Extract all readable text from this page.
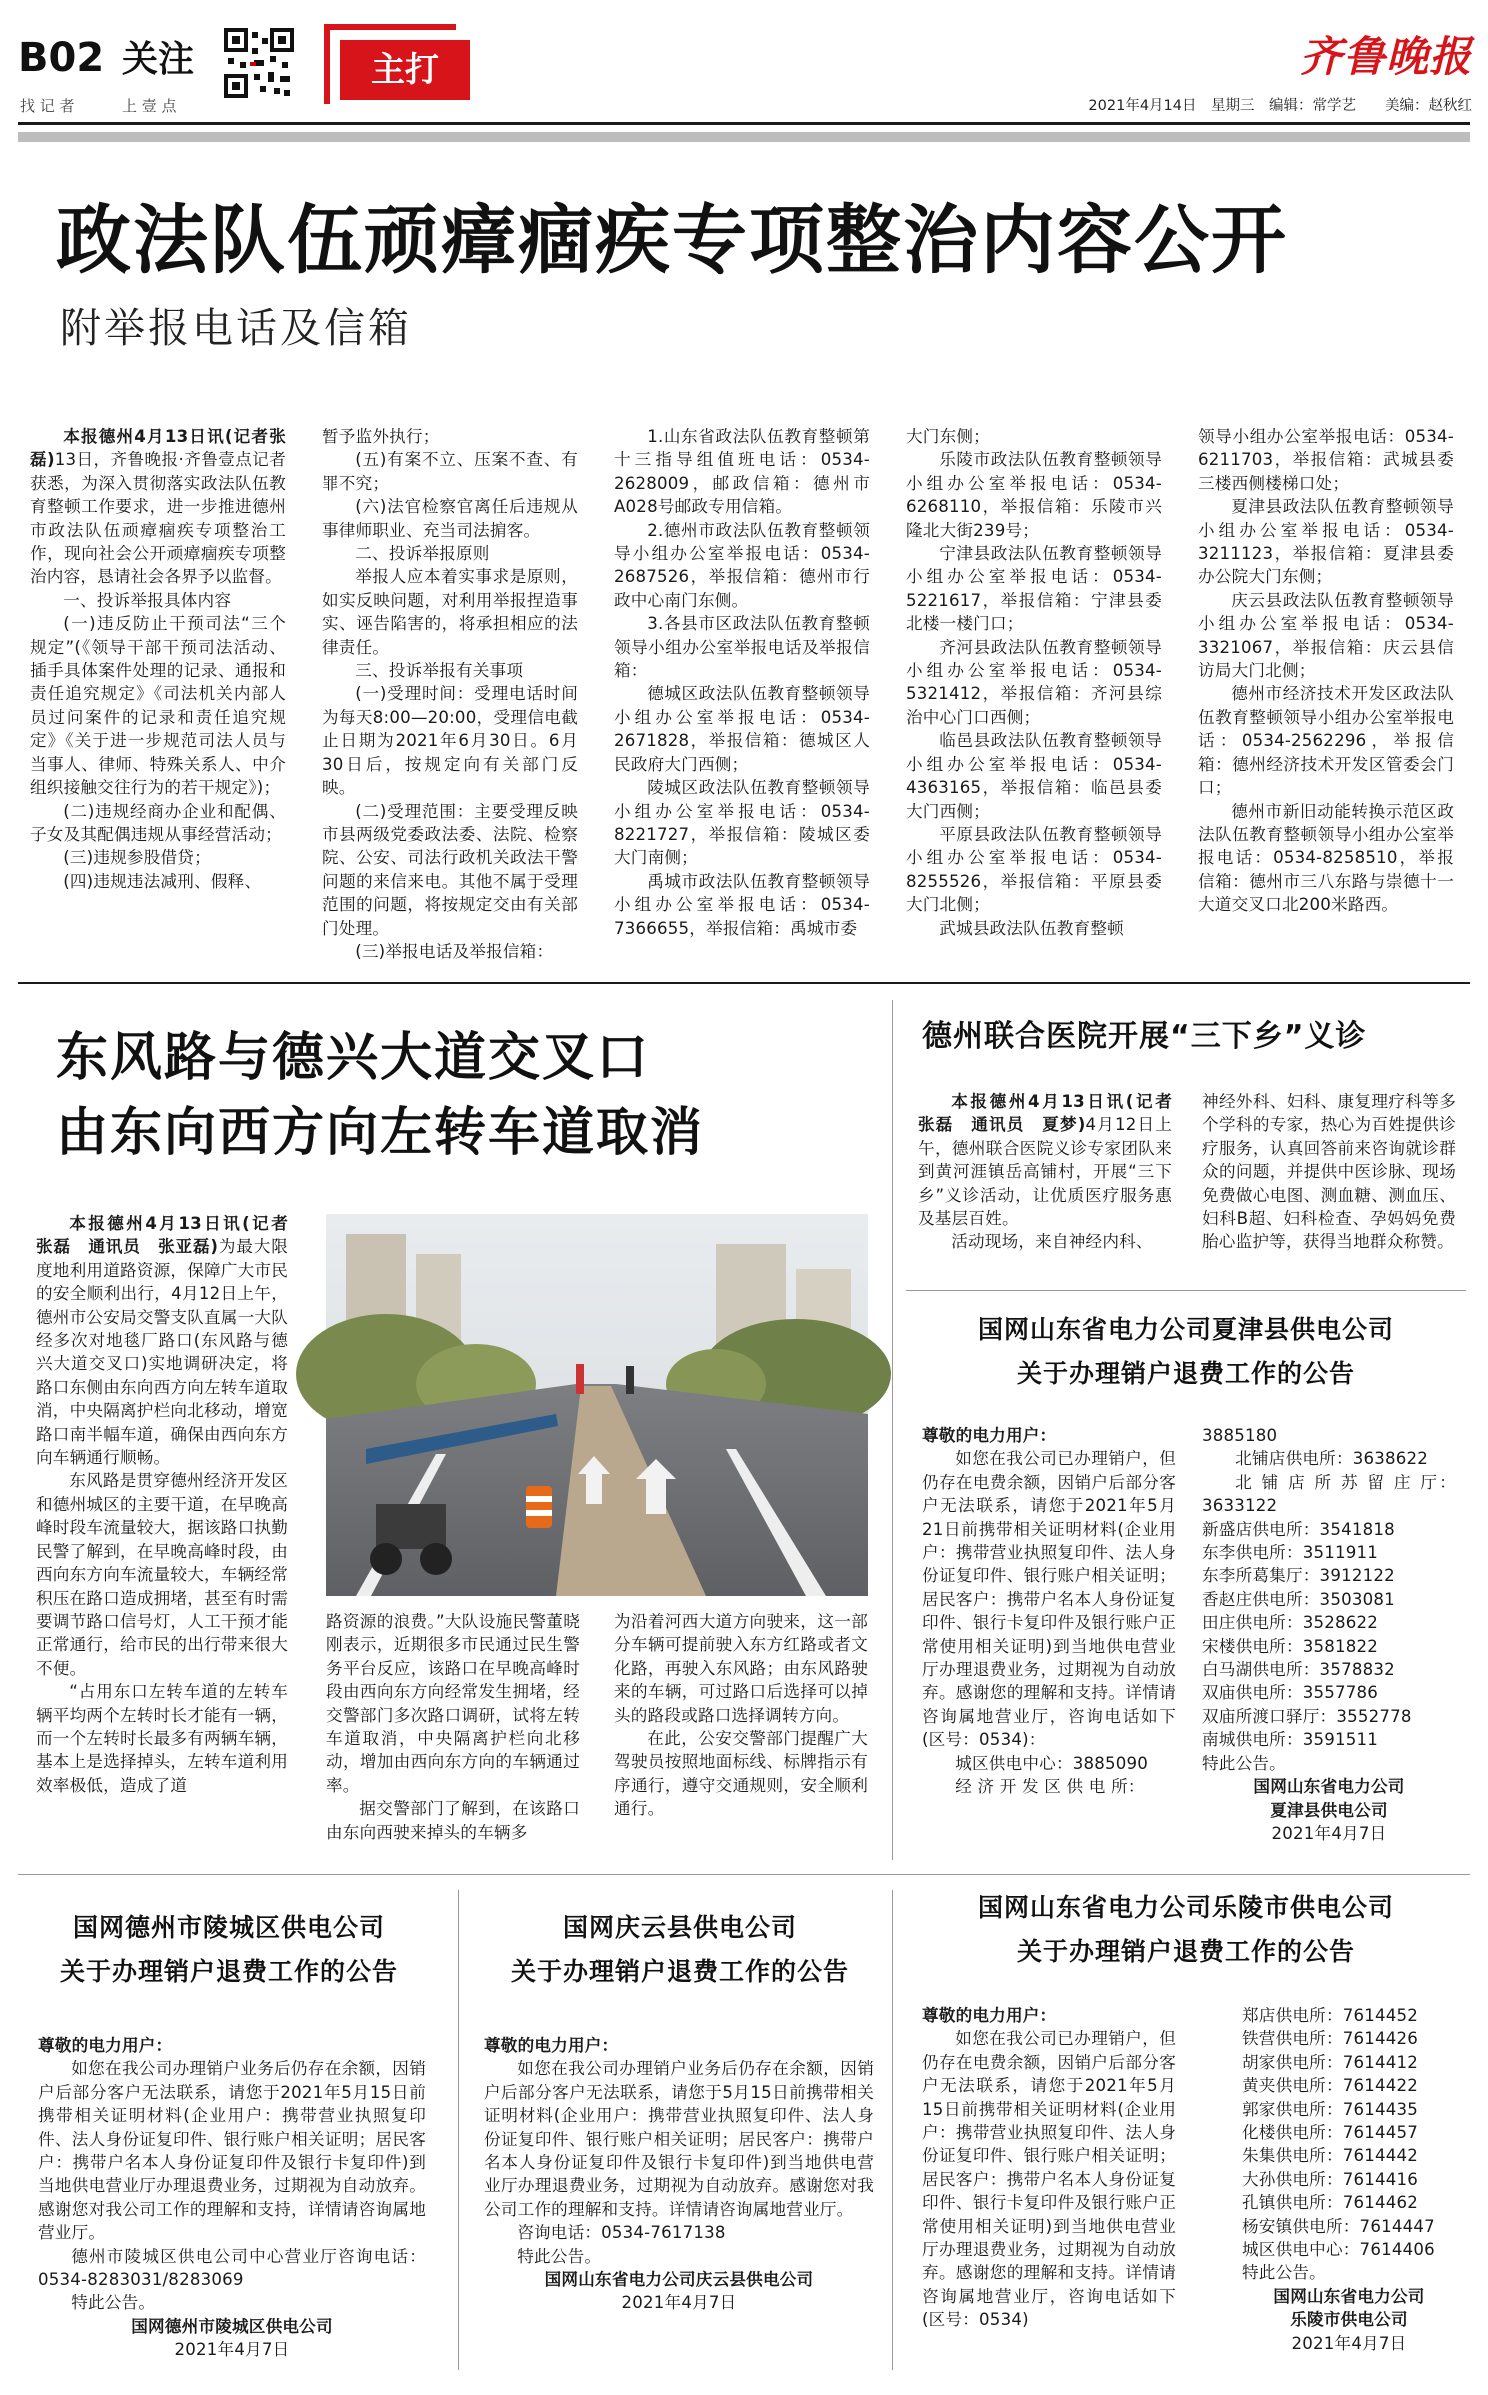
B02 关注
找 记 者	上 壹 点
主打	齐鲁晚报
2021年4月14日　星期三　编辑：常学艺　　美编：赵秋红
政法队伍顽瘴痼疾专项整治内容公开
附举报电话及信箱

本报德州4月13日讯(记者张磊)13日，齐鲁晚报·齐鲁壹点记者获悉，为深入贯彻落实政法队伍教育整顿工作要求，进一步推进德州市政法队伍顽瘴痼疾专项整治工作，现向社会公开顽瘴痼疾专项整治内容，恳请社会各界予以监督。

一、投诉举报具体内容

(一)违反防止干预司法“三个规定”(《领导干部干预司法活动、插手具体案件处理的记录、通报和责任追究规定》《司法机关内部人员过问案件的记录和责任追究规定》《关于进一步规范司法人员与当事人、律师、特殊关系人、中介组织接触交往行为的若干规定》)；

(二)违规经商办企业和配偶、子女及其配偶违规从事经营活动；

(三)违规参股借贷；

(四)违规违法减刑、假释、

暂予监外执行；

(五)有案不立、压案不查、有罪不究；

(六)法官检察官离任后违规从事律师职业、充当司法掮客。

二、投诉举报原则

举报人应本着实事求是原则，如实反映问题，对利用举报捏造事实、诬告陷害的，将承担相应的法律责任。

三、投诉举报有关事项

(一)受理时间：受理电话时间为每天8:00—20:00，受理信电截止日期为2021年6月30日。6月30日后，按规定向有关部门反映。

(二)受理范围：主要受理反映市县两级党委政法委、法院、检察院、公安、司法行政机关政法干警问题的来信来电。其他不属于受理范围的问题，将按规定交由有关部门处理。

(三)举报电话及举报信箱：

1.山东省政法队伍教育整顿第十三指导组值班电话：0534-2628009，邮政信箱：德州市A028号邮政专用信箱。

2.德州市政法队伍教育整顿领导小组办公室举报电话：0534-2687526，举报信箱：德州市行政中心南门东侧。

3.各县市区政法队伍教育整顿领导小组办公室举报电话及举报信箱：

德城区政法队伍教育整顿领导小组办公室举报电话：0534-2671828，举报信箱：德城区人民政府大门西侧；

陵城区政法队伍教育整顿领导小组办公室举报电话：0534-8221727，举报信箱：陵城区委大门南侧；

禹城市政法队伍教育整顿领导小组办公室举报电话：0534-7366655，举报信箱：禹城市委

大门东侧；

乐陵市政法队伍教育整顿领导小组办公室举报电话：0534-6268110，举报信箱：乐陵市兴隆北大街239号；

宁津县政法队伍教育整顿领导小组办公室举报电话：0534-5221617，举报信箱：宁津县委北楼一楼门口；

齐河县政法队伍教育整顿领导小组办公室举报电话：0534-5321412，举报信箱：齐河县综治中心门口西侧；

临邑县政法队伍教育整顿领导小组办公室举报电话：0534-4363165，举报信箱：临邑县委大门西侧；

平原县政法队伍教育整顿领导小组办公室举报电话：0534-8255526，举报信箱：平原县委大门北侧；

武城县政法队伍教育整顿

领导小组办公室举报电话：0534-6211703，举报信箱：武城县委三楼西侧楼梯口处；

夏津县政法队伍教育整顿领导小组办公室举报电话：0534-3211123，举报信箱：夏津县委办公院大门东侧；

庆云县政法队伍教育整顿领导小组办公室举报电话：0534-3321067，举报信箱：庆云县信访局大门北侧；

德州市经济技术开发区政法队伍教育整顿领导小组办公室举报电话：0534-2562296，举报信箱：德州经济技术开发区管委会门口；

德州市新旧动能转换示范区政法队伍教育整顿领导小组办公室举报电话：0534-8258510，举报信箱：德州市三八东路与崇德十一大道交叉口北200米路西。

东风路与德兴大道交叉口
由东向西方向左转车道取消

本报德州4月13日讯(记者　张磊　通讯员　张亚磊)为最大限度地利用道路资源，保障广大市民的安全顺利出行，4月12日上午，德州市公安局交警支队直属一大队经多次对地毯厂路口(东风路与德兴大道交叉口)实地调研决定，将路口东侧由东向西方向左转车道取消，中央隔离护栏向北移动，增宽路口南半幅车道，确保由西向东方向车辆通行顺畅。

东风路是贯穿德州经济开发区和德州城区的主要干道，在早晚高峰时段车流量较大，据该路口执勤民警了解到，在早晚高峰时段，由西向东方向车流量较大，车辆经常积压在路口造成拥堵，甚至有时需要调节路口信号灯，人工干预才能正常通行，给市民的出行带来很大不便。

“占用东口左转车道的左转车辆平均两个左转时长才能有一辆，而一个左转时长最多有两辆车辆，基本上是选择掉头，左转车道利用效率极低，造成了道

路资源的浪费。”大队设施民警董晓刚表示，近期很多市民通过民生警务平台反应，该路口在早晚高峰时段由西向东方向经常发生拥堵，经交警部门多次路口调研，试将左转车道取消，中央隔离护栏向北移动，增加由西向东方向的车辆通过率。

据交警部门了解到，在该路口由东向西驶来掉头的车辆多

为沿着河西大道方向驶来，这一部分车辆可提前驶入东方红路或者文化路，再驶入东风路；由东风路驶来的车辆，可过路口后选择可以掉头的路段或路口选择调转方向。

在此，公安交警部门提醒广大驾驶员按照地面标线、标牌指示有序通行，遵守交通规则，安全顺利通行。

德州联合医院开展“三下乡”义诊

本报德州4月13日讯(记者　张磊　通讯员　夏梦)4月12日上午，德州联合医院义诊专家团队来到黄河涯镇岳高铺村，开展“三下乡”义诊活动，让优质医疗服务惠及基层百姓。

活动现场，来自神经内科、

神经外科、妇科、康复理疗科等多个学科的专家，热心为百姓提供诊疗服务，认真回答前来咨询就诊群众的问题，并提供中医诊脉、现场免费做心电图、测血糖、测血压、妇科B超、妇科检查、孕妈妈免费胎心监护等，获得当地群众称赞。

国网山东省电力公司夏津县供电公司
关于办理销户退费工作的公告

尊敬的电力用户：

如您在我公司已办理销户，但仍存在电费余额，因销户后部分客户无法联系，请您于2021年5月21日前携带相关证明材料(企业用户：携带营业执照复印件、法人身份证复印件、银行账户相关证明；居民客户：携带户名本人身份证复印件、银行卡复印件及银行账户正常使用相关证明)到当地供电营业厅办理退费业务，过期视为自动放弃。感谢您的理解和支持。详情请咨询属地营业厅，咨询电话如下(区号：0534)：

城区供电中心：3885090

经 济 开 发 区 供 电 所：

3885180

北铺店供电所：3638622

北 铺 店 所 苏 留 庄 厅：3633122

新盛店供电所：3541818

东李供电所：3511911

东李所葛集厅：3912122

香赵庄供电所：3503081

田庄供电所：3528622

宋楼供电所：3581822

白马湖供电所：3578832

双庙供电所：3557786

双庙所渡口驿厅：3552778

南城供电所：3591511

特此公告。

国网山东省电力公司

夏津县供电公司

2021年4月7日

国网德州市陵城区供电公司
关于办理销户退费工作的公告

尊敬的电力用户：

如您在我公司办理销户业务后仍存在余额，因销户后部分客户无法联系，请您于2021年5月15日前携带相关证明材料(企业用户：携带营业执照复印件、法人身份证复印件、银行账户相关证明；居民客户：携带户名本人身份证复印件及银行卡复印件)到当地供电营业厅办理退费业务，过期视为自动放弃。感谢您对我公司工作的理解和支持，详情请咨询属地营业厅。

德州市陵城区供电公司中心营业厅咨询电话：0534-8283031/8283069

特此公告。

国网德州市陵城区供电公司

2021年4月7日

国网庆云县供电公司
关于办理销户退费工作的公告

尊敬的电力用户：

如您在我公司办理销户业务后仍存在余额，因销户后部分客户无法联系，请您于5月15日前携带相关证明材料(企业用户：携带营业执照复印件、法人身份证复印件、银行账户相关证明；居民客户：携带户名本人身份证复印件及银行卡复印件)到当地供电营业厅办理退费业务，过期视为自动放弃。感谢您对我公司工作的理解和支持。详情请咨询属地营业厅。

咨询电话：0534-7617138

特此公告。

国网山东省电力公司庆云县供电公司

2021年4月7日

国网山东省电力公司乐陵市供电公司
关于办理销户退费工作的公告

尊敬的电力用户：

如您在我公司已办理销户，但仍存在电费余额，因销户后部分客户无法联系，请您于2021年5月15日前携带相关证明材料(企业用户：携带营业执照复印件、法人身份证复印件、银行账户相关证明；居民客户：携带户名本人身份证复印件、银行卡复印件及银行账户正常使用相关证明)到当地供电营业厅办理退费业务，过期视为自动放弃。感谢您的理解和支持。详情请咨询属地营业厅，咨询电话如下(区号：0534)

郑店供电所：7614452

铁营供电所：7614426

胡家供电所：7614412

黄夹供电所：7614422

郭家供电所：7614435

化楼供电所：7614457

朱集供电所：7614442

大孙供电所：7614416

孔镇供电所：7614462

杨安镇供电所：7614447

城区供电中心：7614406

特此公告。

国网山东省电力公司

乐陵市供电公司

2021年4月7日
